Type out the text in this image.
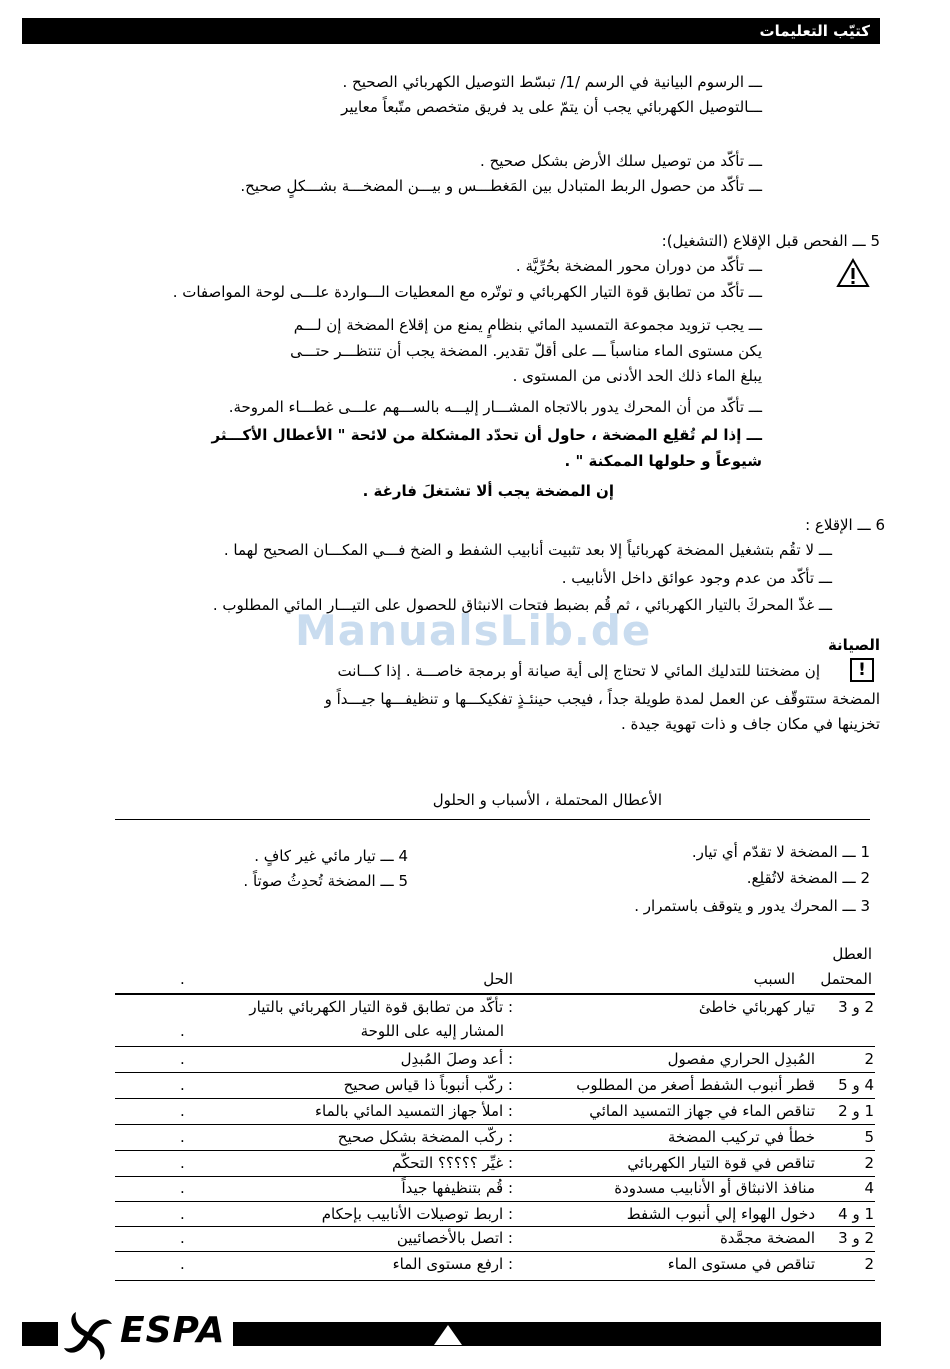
كتيّب التعليمات
ـــ الرسوم البيانية في الرسم /1/ تبسّط التوصيل الكهربائي الصحيح .
ـــالتوصيل الكهربائي يجب أن يتمّ على يد فريق متخصص متّبعاً معايير
ـــ تأكّد من توصيل سلك الأرض بشكل صحيح .
ـــ تأكّد من حصول الربط المتبادل بين المَغطـــس و بيـــن المضخـــة بشـــكلٍ صحيح.
5 ـــ الفحص قبل الإقلاع (التشغيل):
ـــ تأكّد من دوران محور المضخة بحُرِّيَّة .
ـــ تأكّد من تطابق قوة التيار الكهربائي و توتّره مع المعطيات الـــواردة علـــى لوحة المواصفات .
ـــ يجب تزويد مجموعة التمسيد المائي بنظامٍ يمنع من إقلاع المضخة إن لـــم
يكن مستوى الماء مناسباً ـــ على أقلّ تقدير. المضخة يجب أن تنتظـــر حتـــى
يبلغ الماء ذلك الحد الأدنى من المستوى .
ـــ تأكّد من أن المحرك يدور بالاتجاه المشـــار إليـــه بالســـهم علـــى غطـــاء المروحة.
ـــ إذا لم تُقلِع المضخة ، حاول أن تحدّد المشكلة من لائحة " الأعطال الأكـــثر
شيوعاً و حلولها الممكنة " .
إن المضخة يجب ألا تشتغلَ فارغة .
6 ـــ الإقلاع :
ـــ لا تقُم بتشغيل المضخة كهربائياً إلا بعد تثبيت أنابيب الشفط و الضخ فـــي المكـــان الصحيح لهما .
ـــ تأكّد من عدم وجود عوائق داخل الأنابيب .
ـــ غذّ المحركَ بالتيار الكهربائي ، ثم قُم بضبط فتحات الانبثاق للحصول على التيـــار المائي المطلوب .
ManualsLib.de	الصيانة
!
إن مضختنا للتدليك المائي لا تحتاج إلى أية صيانة أو برمجة خاصـــة . إذا كـــانت
المضخة ستتوقّف عن العمل لمدة طويلة جداً ، فيجب حينئـذٍ تفكيكـــها و تنظيفـــها جيـــداً و
تخزينها في مكان جاف و ذات تهوية جيدة .
الأعطال المحتملة ، الأسباب و الحلول
1 ـــ المضخة لا تقدّم أي تيار.
2 ـــ المضخة لاتُقلِع.
3 ـــ المحرك يدور و يتوقف باستمرار .
4 ـــ تيار مائي غير كافٍ .
5 ـــ المضخة تُحدِثُ صوتاً .
العطل
المحتمل
السبب
الحل
.
2 و 3
تيار كهربائي خاطئ
: تأكّد من تطابق قوة التيار الكهربائي بالتيار
المشار إليه على اللوحة
.
2
المُبدِل الحراري مفصول
: أعد وصلَ المُبدِل
.
4 و 5
قطر أنبوب الشفط أصغر من المطلوب
: ركّب أنبوباً ذا قياس صحيح
.
1 و 2
تناقص الماء في جهاز التمسيد المائي
: املأ جهاز التمسيد المائي بالماء
.
5
خطأ في تركيب المضخة
: ركّب المضخة بشكل صحيح
.
2
تناقص في قوة التيار الكهربائي
: غيِّر ؟؟؟؟؟ التحكّم
.
4
منافذ الانبثاق أو الأنابيب مسدودة
: قُم بتنظيفها جيداً
.
1 و 4
دخول الهواء إلي أنبوب الشفط
: اربط توصيلات الأنابيب بإحكام
.
2 و 3
المضخة مجمَّدة
: اتصل بالأخصائيين
.
2
تناقص في مستوى الماء
: ارفع مستوى الماء
.
ESPA
